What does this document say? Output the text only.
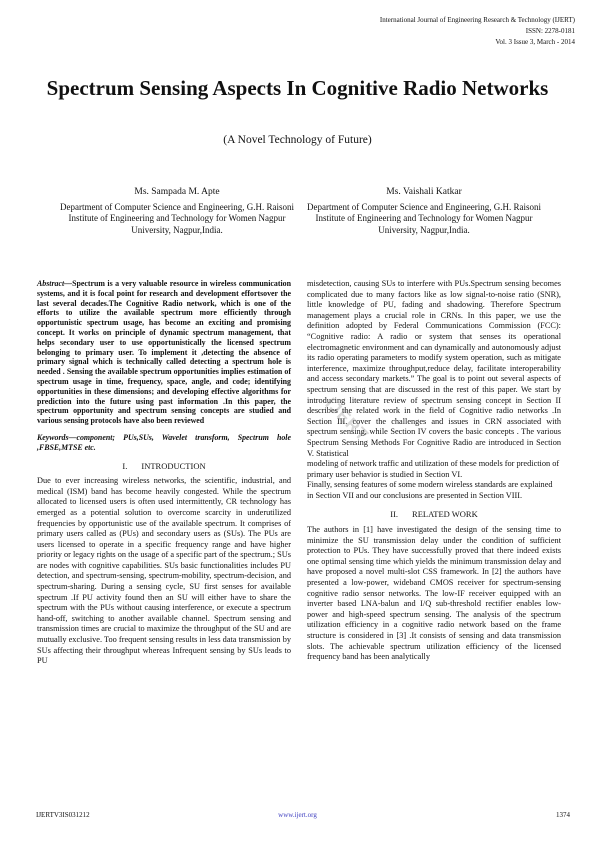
International Journal of Engineering Research & Technology (IJERT)
ISSN: 2278-0181
Vol. 3 Issue 3, March - 2014
Spectrum Sensing Aspects In Cognitive Radio Networks
(A Novel Technology of Future)
Ms. Sampada M. Apte
Department of Computer Science and Engineering, G.H. Raisoni Institute of Engineering and Technology for Women Nagpur University, Nagpur,India.
Ms. Vaishali Katkar
Department of Computer Science and Engineering, G.H. Raisoni Institute of Engineering and Technology for Women Nagpur University, Nagpur,India.

Abstract—Spectrum is a very valuable resource in wireless communication systems, and it is focal point for research and development effortsover the last several decades.The Cognitive Radio network, which is one of the efforts to utilize the available spectrum more efficiently through opportunistic spectrum usage, has become an exciting and promising concept. It works on principle of dynamic spectrum management, that helps secondary user to use opportunistically the licensed spectrum belonging to primary user. To implement it ,detecting the absence of primary signal which is technically called detecting a spectrum hole is needed . Sensing the available spectrum opportunities implies estimation of spectrum usage in time, frequency, space, angle, and code; identifying opportunities in these dimensions; and developing effective algorithms for prediction into the future using past information .In this paper, the spectrum opportunity and spectrum sensing concepts are studied and various sensing protocols have also been reviewed

Keywords—component; PUs,SUs, Wavelet transform, Spectrum hole ,FBSE,MTSE etc.

I. INTRODUCTION

Due to ever increasing wireless networks, the scientific, industrial, and medical (ISM) band has become heavily congested. While the spectrum allocated to licensed users is often used intermittently, CR technology has emerged as a potential solution to overcome scarcity in underutilized frequencies by opportunistic use of the available spectrum. It comprises of primary users called as (PUs) and secondary users as (SUs). The PUs are users licensed to operate in a specific frequency range and have higher priority or legacy rights on the usage of a specific part of the spectrum.; SUs are nodes with cognitive capabilities. SUs basic functionalities includes PU detection, and spectrum-sensing, spectrum-mobility, spectrum-decision, and spectrum-sharing. During a sensing cycle, SU first senses for available spectrum .If PU activity found then an SU will either have to share the spectrum with the PUs without causing interference, or execute a spectrum hand-off, switching to another available channel. Spectrum sensing and transmission times are crucial to maximize the throughput of the SU and are mutually exclusive. Too frequent sensing results in less data transmission by SUs affecting their throughput whereas Infrequent sensing by SUs leads to PU

misdetection, causing SUs to interfere with PUs.Spectrum sensing becomes complicated due to many factors like as low signal-to-noise ratio (SNR), little knowledge of PU, fading and shadowing. Therefore Spectrum management plays a crucial role in CRNs. In this paper, we use the definition adopted by Federal Communications Commission (FCC): “Cognitive radio: A radio or system that senses its operational electromagnetic environment and can dynamically and autonomously adjust its radio operating parameters to modify system operation, such as mitigate interference, maximize throughput,reduce delay, facilitate interoperability and access secondary markets.” The goal is to point out several aspects of spectrum sensing that are discussed in the rest of this paper. We start by introducing literature review of spectrum sensing concept in Section II describes the related work in the field of Cognitive radio networks .In Section III. cover the challenges and issues in CRN associated with spectrum sensing, while Section IV covers the basic concepts . The various Spectrum Sensing Methods For Cognitive Radio are introduced in Section V. Statistical

modeling of network traffic and utilization of these models for prediction of primary user behavior is studied in Section VI.

Finally, sensing features of some modern wireless standards are explained in Section VII and our conclusions are presented in Section VIII.

II. RELATED WORK

The authors in [1] have investigated the design of the sensing time to minimize the SU transmission delay under the condition of sufficient protection to PUs. They have successfully proved that there indeed exists one optimal sensing time which yields the minimum transmission delay and have proposed a novel multi-slot CSS framework. In [2] the authors have presented a low-power, wideband CMOS receiver for spectrum-sensing cognitive radio sensor networks. The low-IF receiver equipped with an inverter based LNA-balun and I/Q sub-threshold rectifier enables low-power and high-speed spectrum sensing. The analysis of the spectrum utilization efficiency in a cognitive radio network based on the frame structure is considered in [3] .It consists of sensing and data transmission slots. The achievable spectrum utilization efficiency of the licensed frequency band has been analytically

IJERT
IJERTV3IS031212	www.ijert.org	1374
